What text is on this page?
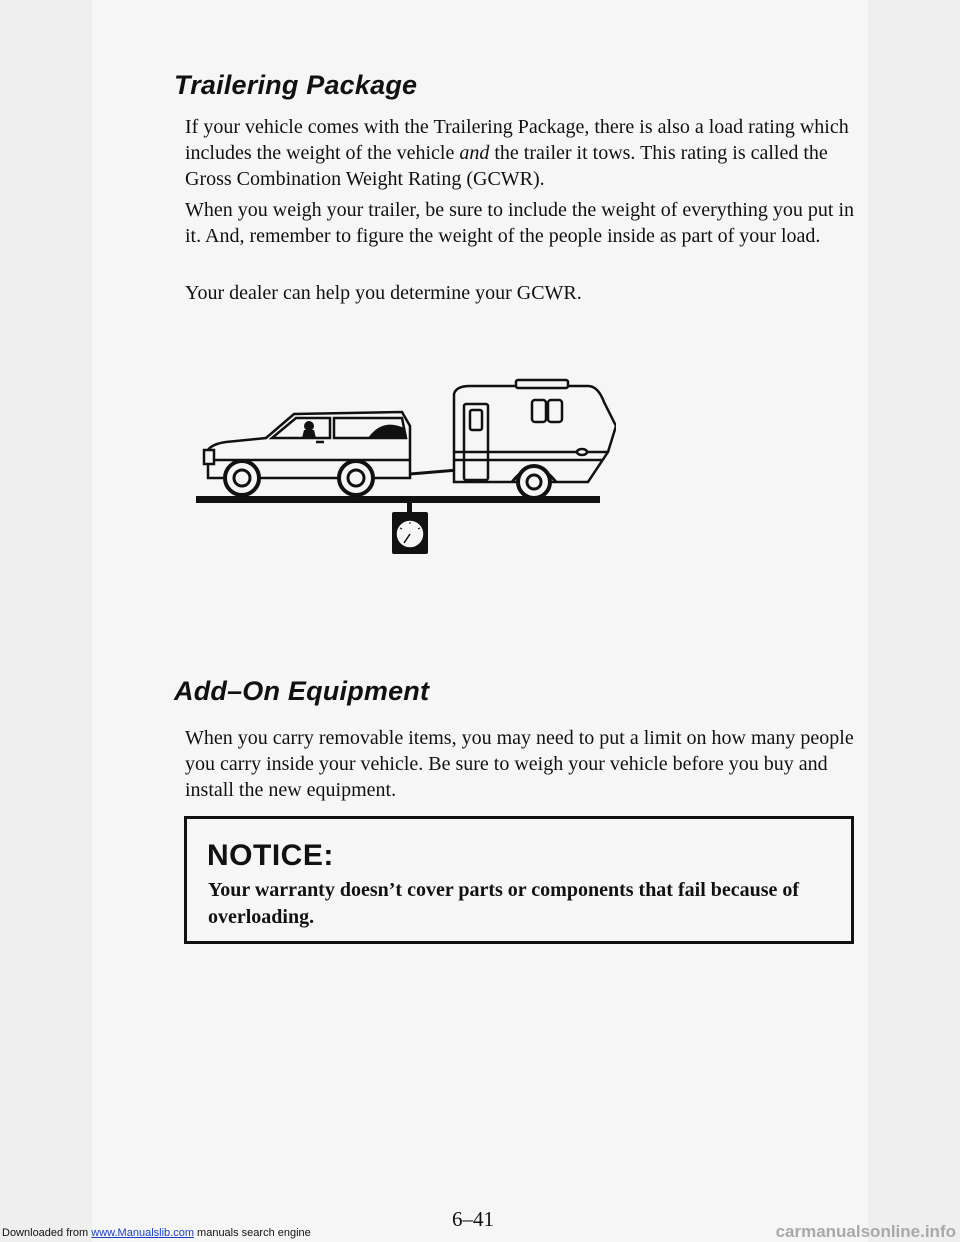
Trailering Package

If your vehicle comes with the Trailering Package, there is also a load rating which includes the weight of the vehicle and the trailer it tows. This rating is called the Gross Combination Weight Rating (GCWR).

When you weigh your trailer, be sure to include the weight of everything you put in it. And, remember to figure the weight of the people inside as part of your load.

Your dealer can help you determine your GCWR.

Add–On Equipment

When you carry removable items, you may need to put a limit on how many people you carry inside your vehicle. Be sure to weigh your vehicle before you buy and install the new equipment.

NOTICE:

Your warranty doesn’t cover parts or components that fail because of overloading.

6–41

Downloaded from www.Manualslib.com manuals search engine	carmanualsonline.info
